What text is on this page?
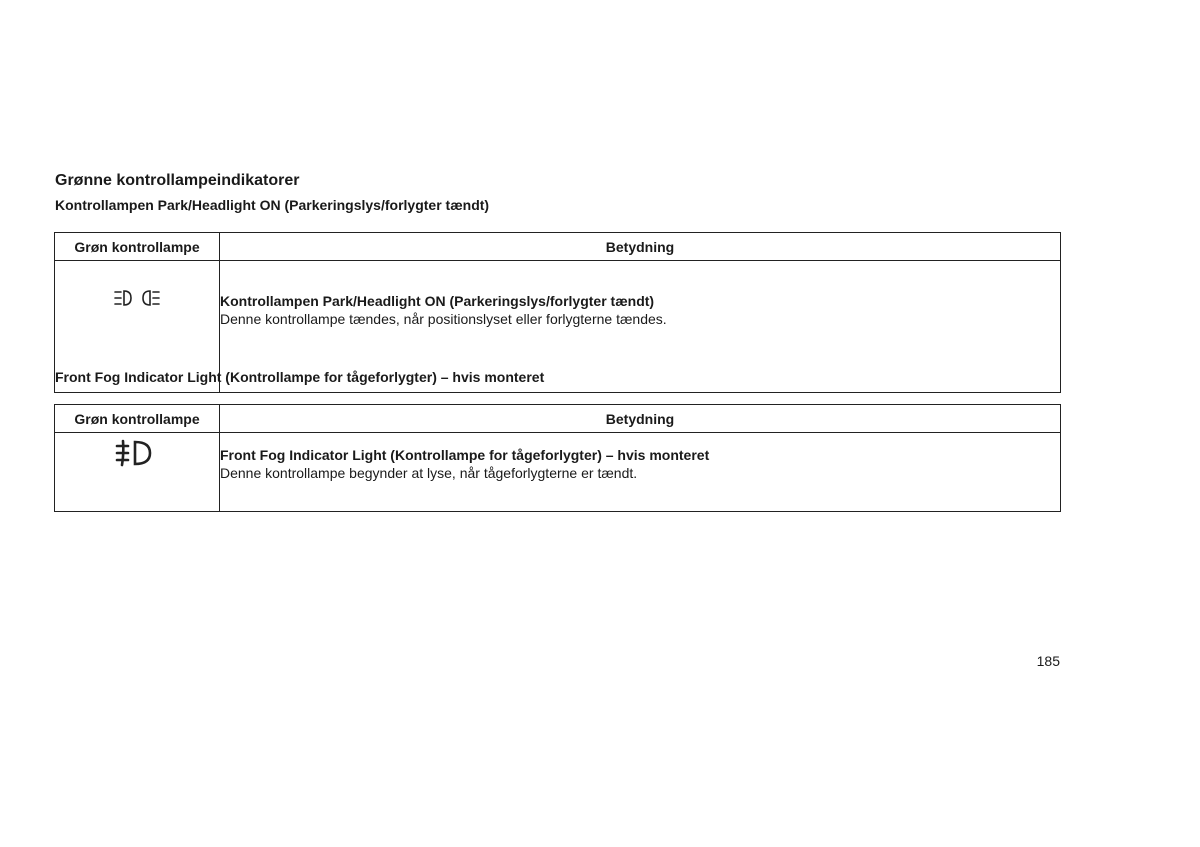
Grønne kontrollampeindikatorer
Kontrollampen Park/Headlight ON (Parkeringslys/forlygter tændt)
Grøn kontrollampe	Betydning

Kontrollampen Park/Headlight ON (Parkeringslys/forlygter tændt)
Denne kontrollampe tændes, når positionslyset eller forlygterne tændes.
Front Fog Indicator Light (Kontrollampe for tågeforlygter) – hvis monteret
Grøn kontrollampe	Betydning

Front Fog Indicator Light (Kontrollampe for tågeforlygter) – hvis monteret
Denne kontrollampe begynder at lyse, når tågeforlygterne er tændt.
185
